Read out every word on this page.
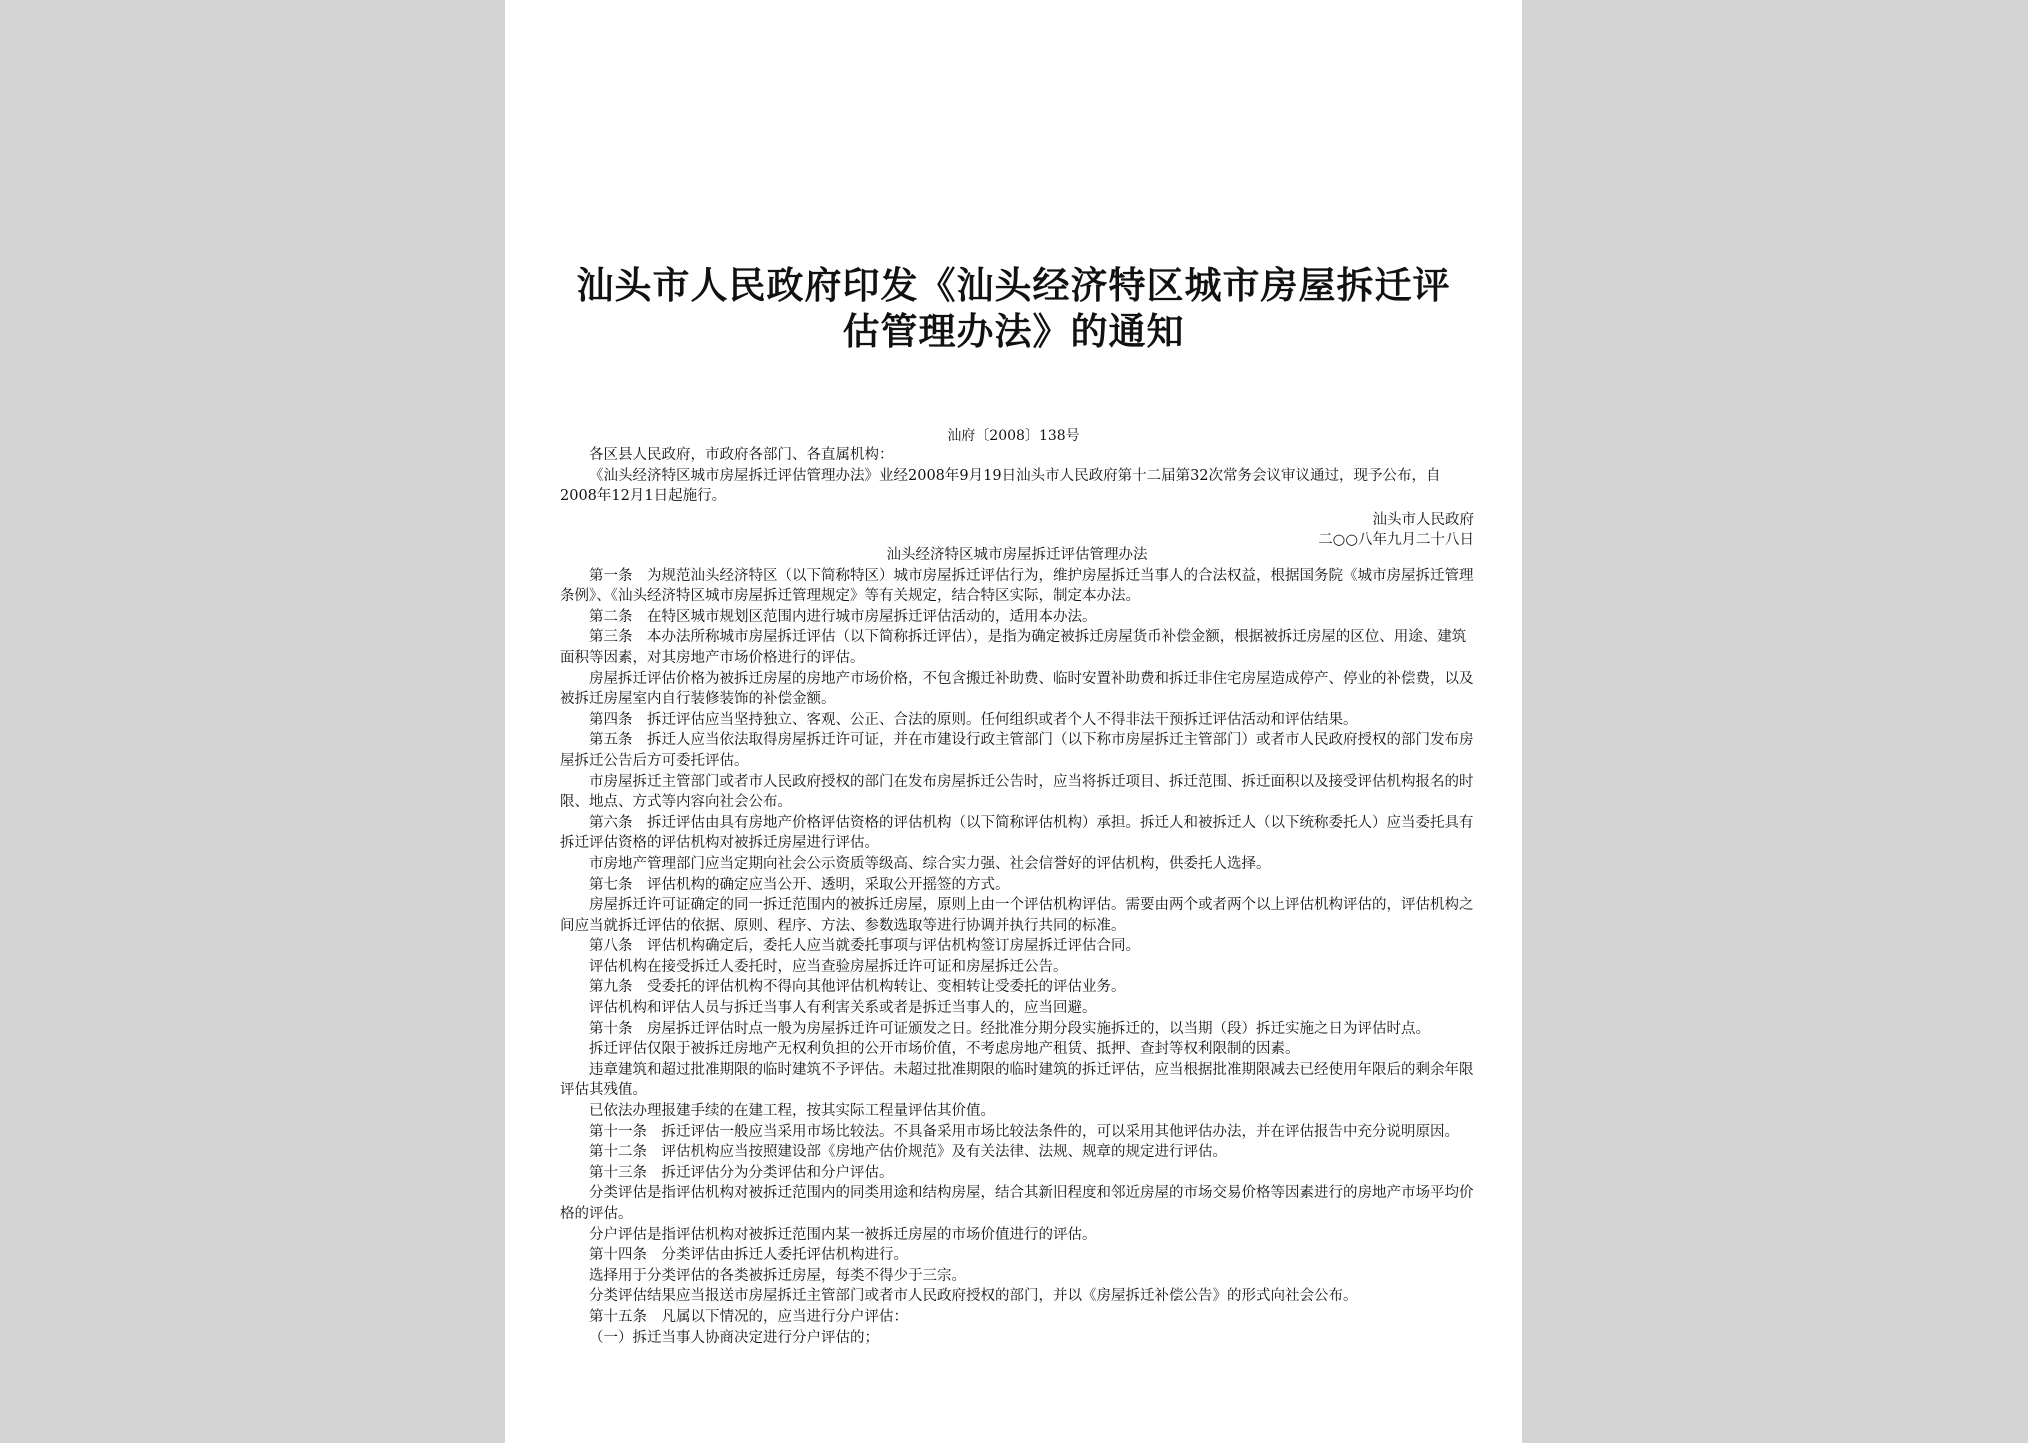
汕头市人民政府印发《汕头经济特区城市房屋拆迁评
估管理办法》的通知
汕府〔2008〕138号

各区县人民政府，市政府各部门、各直属机构：

《汕头经济特区城市房屋拆迁评估管理办法》业经2008年9月19日汕头市人民政府第十二届第32次常务会议审议通过，现予公布，自2008年12月1日起施行。

汕头市人民政府

二○○八年九月二十八日

汕头经济特区城市房屋拆迁评估管理办法

第一条　为规范汕头经济特区（以下简称特区）城市房屋拆迁评估行为，维护房屋拆迁当事人的合法权益，根据国务院《城市房屋拆迁管理条例》、《汕头经济特区城市房屋拆迁管理规定》等有关规定，结合特区实际，制定本办法。

第二条　在特区城市规划区范围内进行城市房屋拆迁评估活动的，适用本办法。

第三条　本办法所称城市房屋拆迁评估（以下简称拆迁评估），是指为确定被拆迁房屋货币补偿金额，根据被拆迁房屋的区位、用途、建筑面积等因素，对其房地产市场价格进行的评估。

房屋拆迁评估价格为被拆迁房屋的房地产市场价格，不包含搬迁补助费、临时安置补助费和拆迁非住宅房屋造成停产、停业的补偿费，以及被拆迁房屋室内自行装修装饰的补偿金额。

第四条　拆迁评估应当坚持独立、客观、公正、合法的原则。任何组织或者个人不得非法干预拆迁评估活动和评估结果。

第五条　拆迁人应当依法取得房屋拆迁许可证，并在市建设行政主管部门（以下称市房屋拆迁主管部门）或者市人民政府授权的部门发布房屋拆迁公告后方可委托评估。

市房屋拆迁主管部门或者市人民政府授权的部门在发布房屋拆迁公告时，应当将拆迁项目、拆迁范围、拆迁面积以及接受评估机构报名的时限、地点、方式等内容向社会公布。

第六条　拆迁评估由具有房地产价格评估资格的评估机构（以下简称评估机构）承担。拆迁人和被拆迁人（以下统称委托人）应当委托具有拆迁评估资格的评估机构对被拆迁房屋进行评估。

市房地产管理部门应当定期向社会公示资质等级高、综合实力强、社会信誉好的评估机构，供委托人选择。

第七条　评估机构的确定应当公开、透明，采取公开摇签的方式。

房屋拆迁许可证确定的同一拆迁范围内的被拆迁房屋，原则上由一个评估机构评估。需要由两个或者两个以上评估机构评估的，评估机构之间应当就拆迁评估的依据、原则、程序、方法、参数选取等进行协调并执行共同的标准。

第八条　评估机构确定后，委托人应当就委托事项与评估机构签订房屋拆迁评估合同。

评估机构在接受拆迁人委托时，应当查验房屋拆迁许可证和房屋拆迁公告。

第九条　受委托的评估机构不得向其他评估机构转让、变相转让受委托的评估业务。

评估机构和评估人员与拆迁当事人有利害关系或者是拆迁当事人的，应当回避。

第十条　房屋拆迁评估时点一般为房屋拆迁许可证颁发之日。经批准分期分段实施拆迁的，以当期（段）拆迁实施之日为评估时点。

拆迁评估仅限于被拆迁房地产无权利负担的公开市场价值，不考虑房地产租赁、抵押、查封等权利限制的因素。

违章建筑和超过批准期限的临时建筑不予评估。未超过批准期限的临时建筑的拆迁评估，应当根据批准期限减去已经使用年限后的剩余年限评估其残值。

已依法办理报建手续的在建工程，按其实际工程量评估其价值。

第十一条　拆迁评估一般应当采用市场比较法。不具备采用市场比较法条件的，可以采用其他评估办法，并在评估报告中充分说明原因。

第十二条　评估机构应当按照建设部《房地产估价规范》及有关法律、法规、规章的规定进行评估。

第十三条　拆迁评估分为分类评估和分户评估。

分类评估是指评估机构对被拆迁范围内的同类用途和结构房屋，结合其新旧程度和邻近房屋的市场交易价格等因素进行的房地产市场平均价格的评估。

分户评估是指评估机构对被拆迁范围内某一被拆迁房屋的市场价值进行的评估。

第十四条　分类评估由拆迁人委托评估机构进行。

选择用于分类评估的各类被拆迁房屋，每类不得少于三宗。

分类评估结果应当报送市房屋拆迁主管部门或者市人民政府授权的部门，并以《房屋拆迁补偿公告》的形式向社会公布。

第十五条　凡属以下情况的，应当进行分户评估：

（一）拆迁当事人协商决定进行分户评估的；
